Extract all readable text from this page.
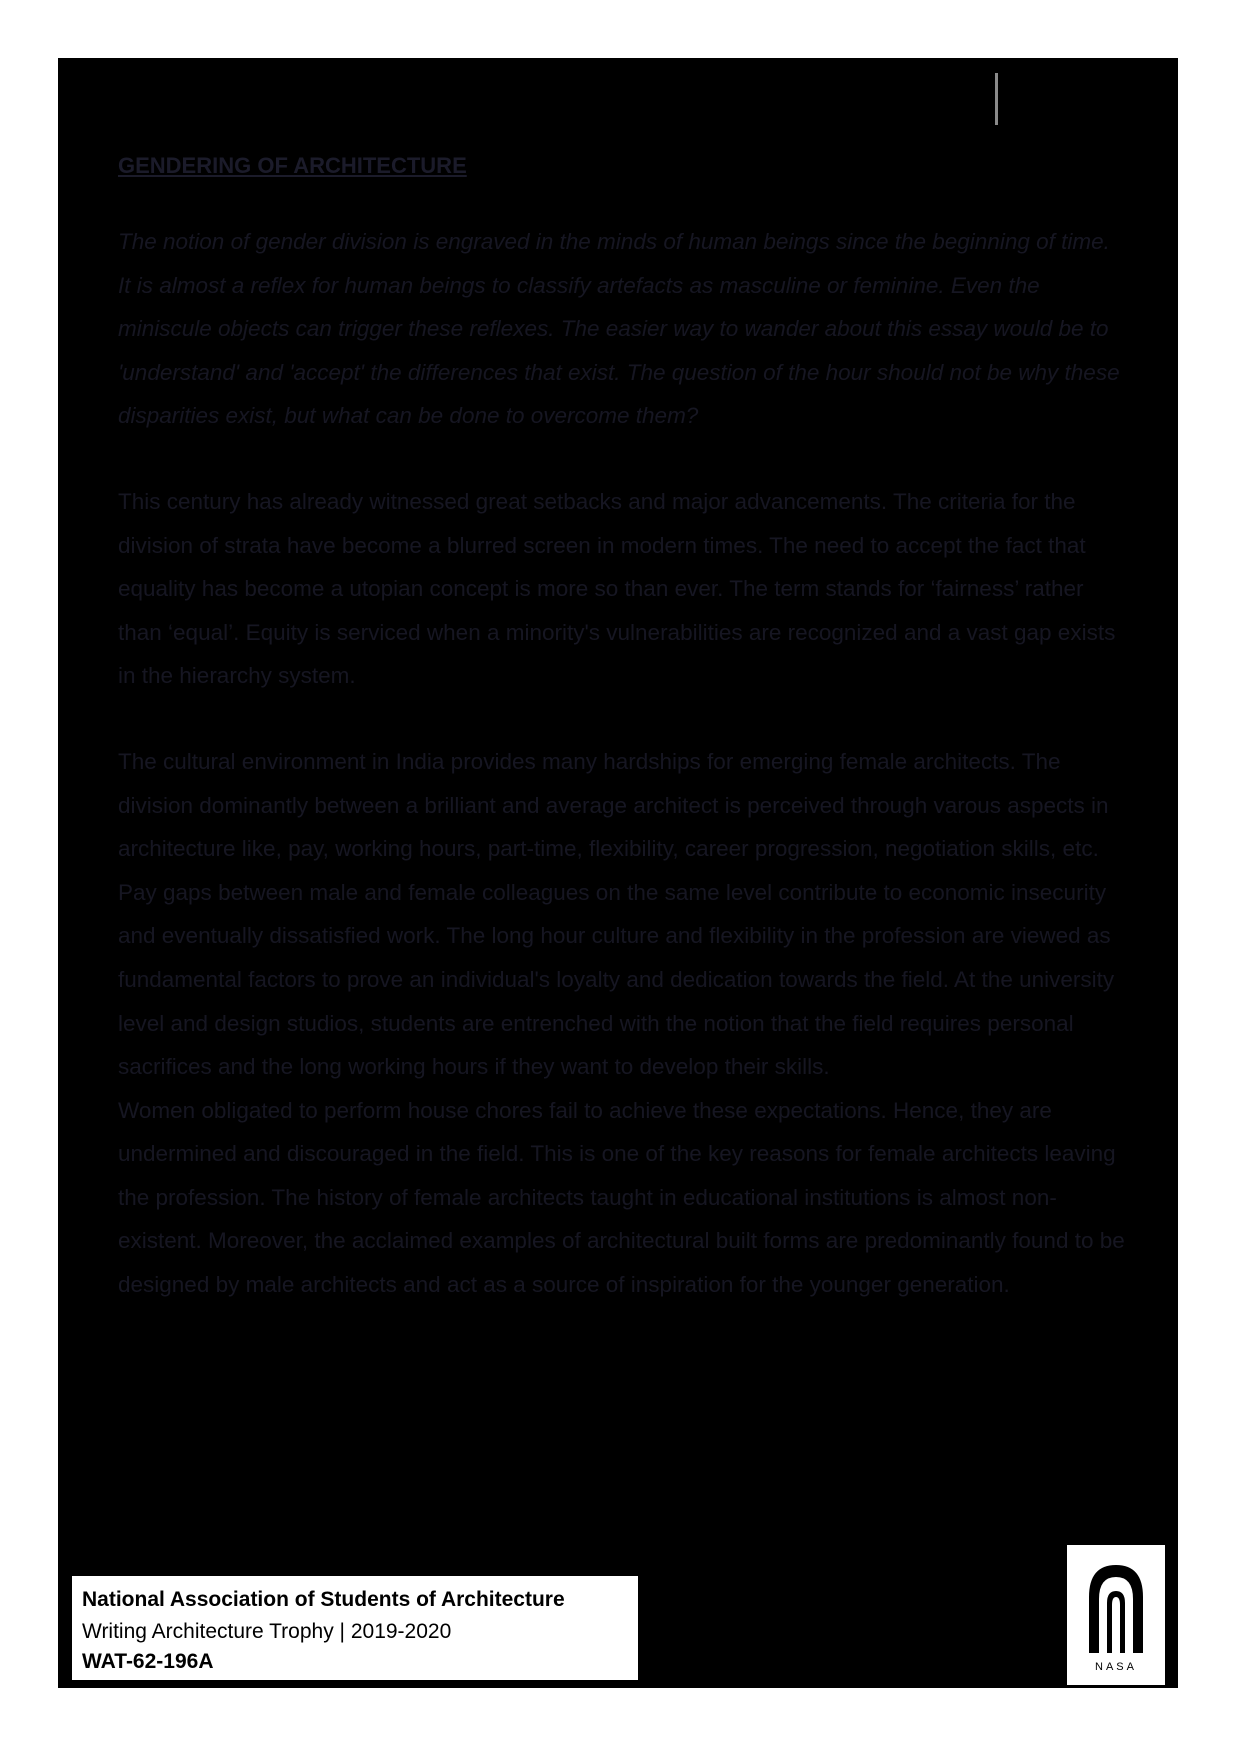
GENDERING OF ARCHITECTURE

The notion of gender division is engraved in the minds of human beings since the beginning of time. It is almost a reflex for human beings to classify artefacts as masculine or feminine. Even the miniscule objects can trigger these reflexes. The easier way to wander about this essay would be to 'understand' and 'accept' the differences that exist. The question of the hour should not be why these disparities exist, but what can be done to overcome them?

This century has already witnessed great setbacks and major advancements. The criteria for the division of strata have become a blurred screen in modern times. The need to accept the fact that equality has become a utopian concept is more so than ever. The term stands for ‘fairness’ rather than ‘equal’. Equity is serviced when a minority's vulnerabilities are recognized and a vast gap exists in the hierarchy system.

The cultural environment in India provides many hardships for emerging female architects. The division dominantly between a brilliant and average architect is perceived through varous aspects in architecture like, pay, working hours, part-time, flexibility, career progression, negotiation skills, etc. Pay gaps between male and female colleagues on the same level contribute to economic insecurity and eventually dissatisfied work. The long hour culture and flexibility in the profession are viewed as fundamental factors to prove an individual's loyalty and dedication towards the field. At the university level and design studios, students are entrenched with the notion that the field requires personal sacrifices and the long working hours if they want to develop their skills.

Women obligated to perform house chores fail to achieve these expectations. Hence, they are undermined and discouraged in the field. This is one of the key reasons for female architects leaving the profession. The history of female architects taught in educational institutions is almost non-existent. Moreover, the acclaimed examples of architectural built forms are predominantly found to be designed by male architects and act as a source of inspiration for the younger generation.

National Association of Students of Architecture
Writing Architecture Trophy | 2019-2020
WAT-62-196A	NASA
